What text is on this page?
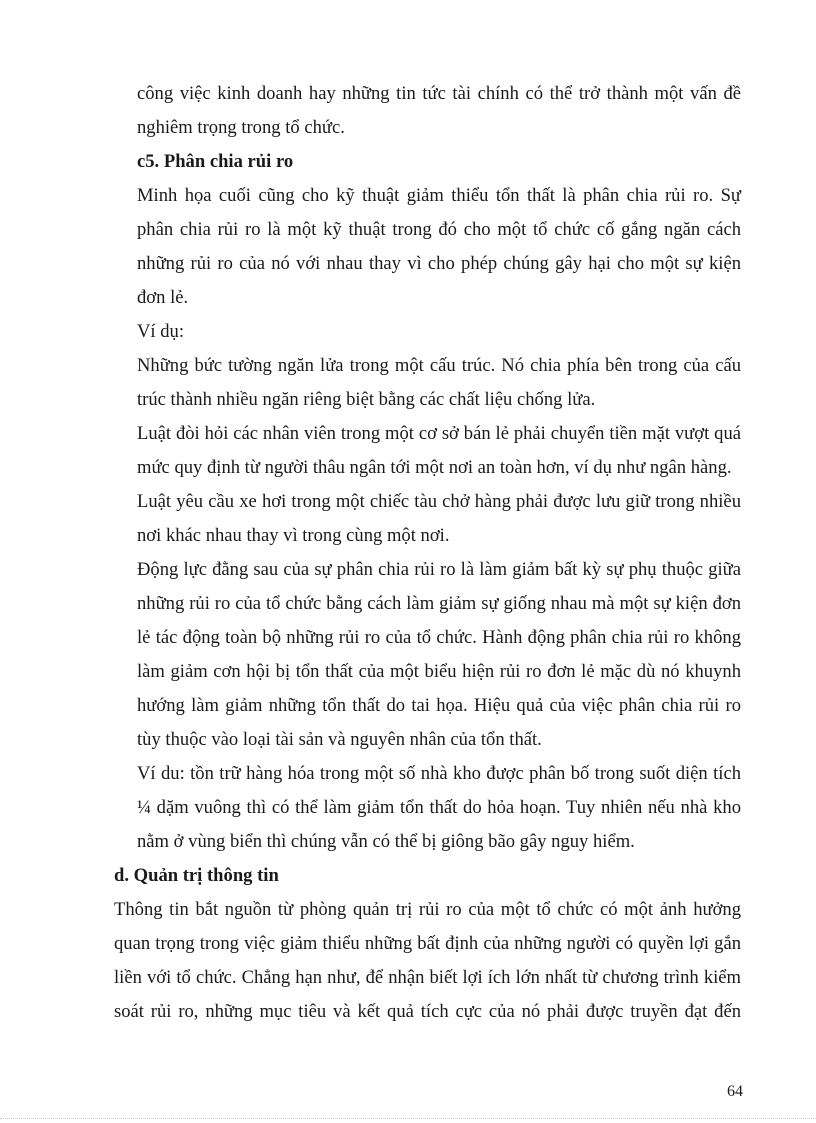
công việc kinh doanh hay những tin tức tài chính có thể trở thành một vấn đề
nghiêm trọng trong tổ chức.
c5. Phân chia rủi ro
Minh họa cuối cũng cho kỹ thuật giảm thiểu tổn thất là phân chia rủi ro. Sự
phân chia rủi ro là một kỹ thuật trong đó cho một tổ chức cố gắng ngăn cách
những rủi ro của nó với nhau thay vì cho phép chúng gây hại cho một sự kiện
đơn lẻ.
Ví dụ:
Những bức tường ngăn lửa trong một cấu trúc. Nó chia phía bên trong của cấu
trúc thành nhiều ngăn riêng biệt bằng các chất liệu chống lửa.
Luật đòi hỏi các nhân viên trong một cơ sở bán lẻ phải chuyển tiền mặt vượt quá
mức quy định từ người thâu ngân tới một nơi an toàn hơn, ví dụ như ngân hàng.
Luật yêu cầu xe hơi trong một chiếc tàu chở hàng phải được lưu giữ trong nhiều
nơi khác nhau thay vì trong cùng một nơi.
Động lực đằng sau của sự phân chia rủi ro là làm giảm bất kỳ sự phụ thuộc giữa
những rủi ro của tổ chức bằng cách làm giảm sự giống nhau mà một sự kiện đơn
lẻ tác động toàn bộ những rủi ro của tổ chức. Hành động phân chia rủi ro không
làm giảm cơn hội bị tổn thất của một biểu hiện rủi ro đơn lẻ mặc dù nó khuynh
hướng làm giảm những tổn thất do tai họa. Hiệu quả của việc phân chia rủi ro
tùy thuộc vào loại tài sản và nguyên nhân của tổn thất.
Ví du: tồn trữ hàng hóa trong một số nhà kho được phân bố trong suốt diện tích
¼ dặm vuông thì có thể làm giảm tổn thất do hỏa hoạn. Tuy nhiên nếu nhà kho
nằm ở vùng biển thì chúng vẫn có thể bị giông bão gây nguy hiểm.
d. Quản trị thông tin
Thông tin bắt nguồn từ phòng quản trị rủi ro của một tổ chức có một ảnh hưởng
quan trọng trong việc giảm thiểu những bất định của những người có quyền lợi gắn
liền với tổ chức. Chẳng hạn như, để nhận biết lợi ích lớn nhất từ chương trình kiểm
soát rủi ro, những mục tiêu và kết quả tích cực của nó phải được truyền đạt đến
64
